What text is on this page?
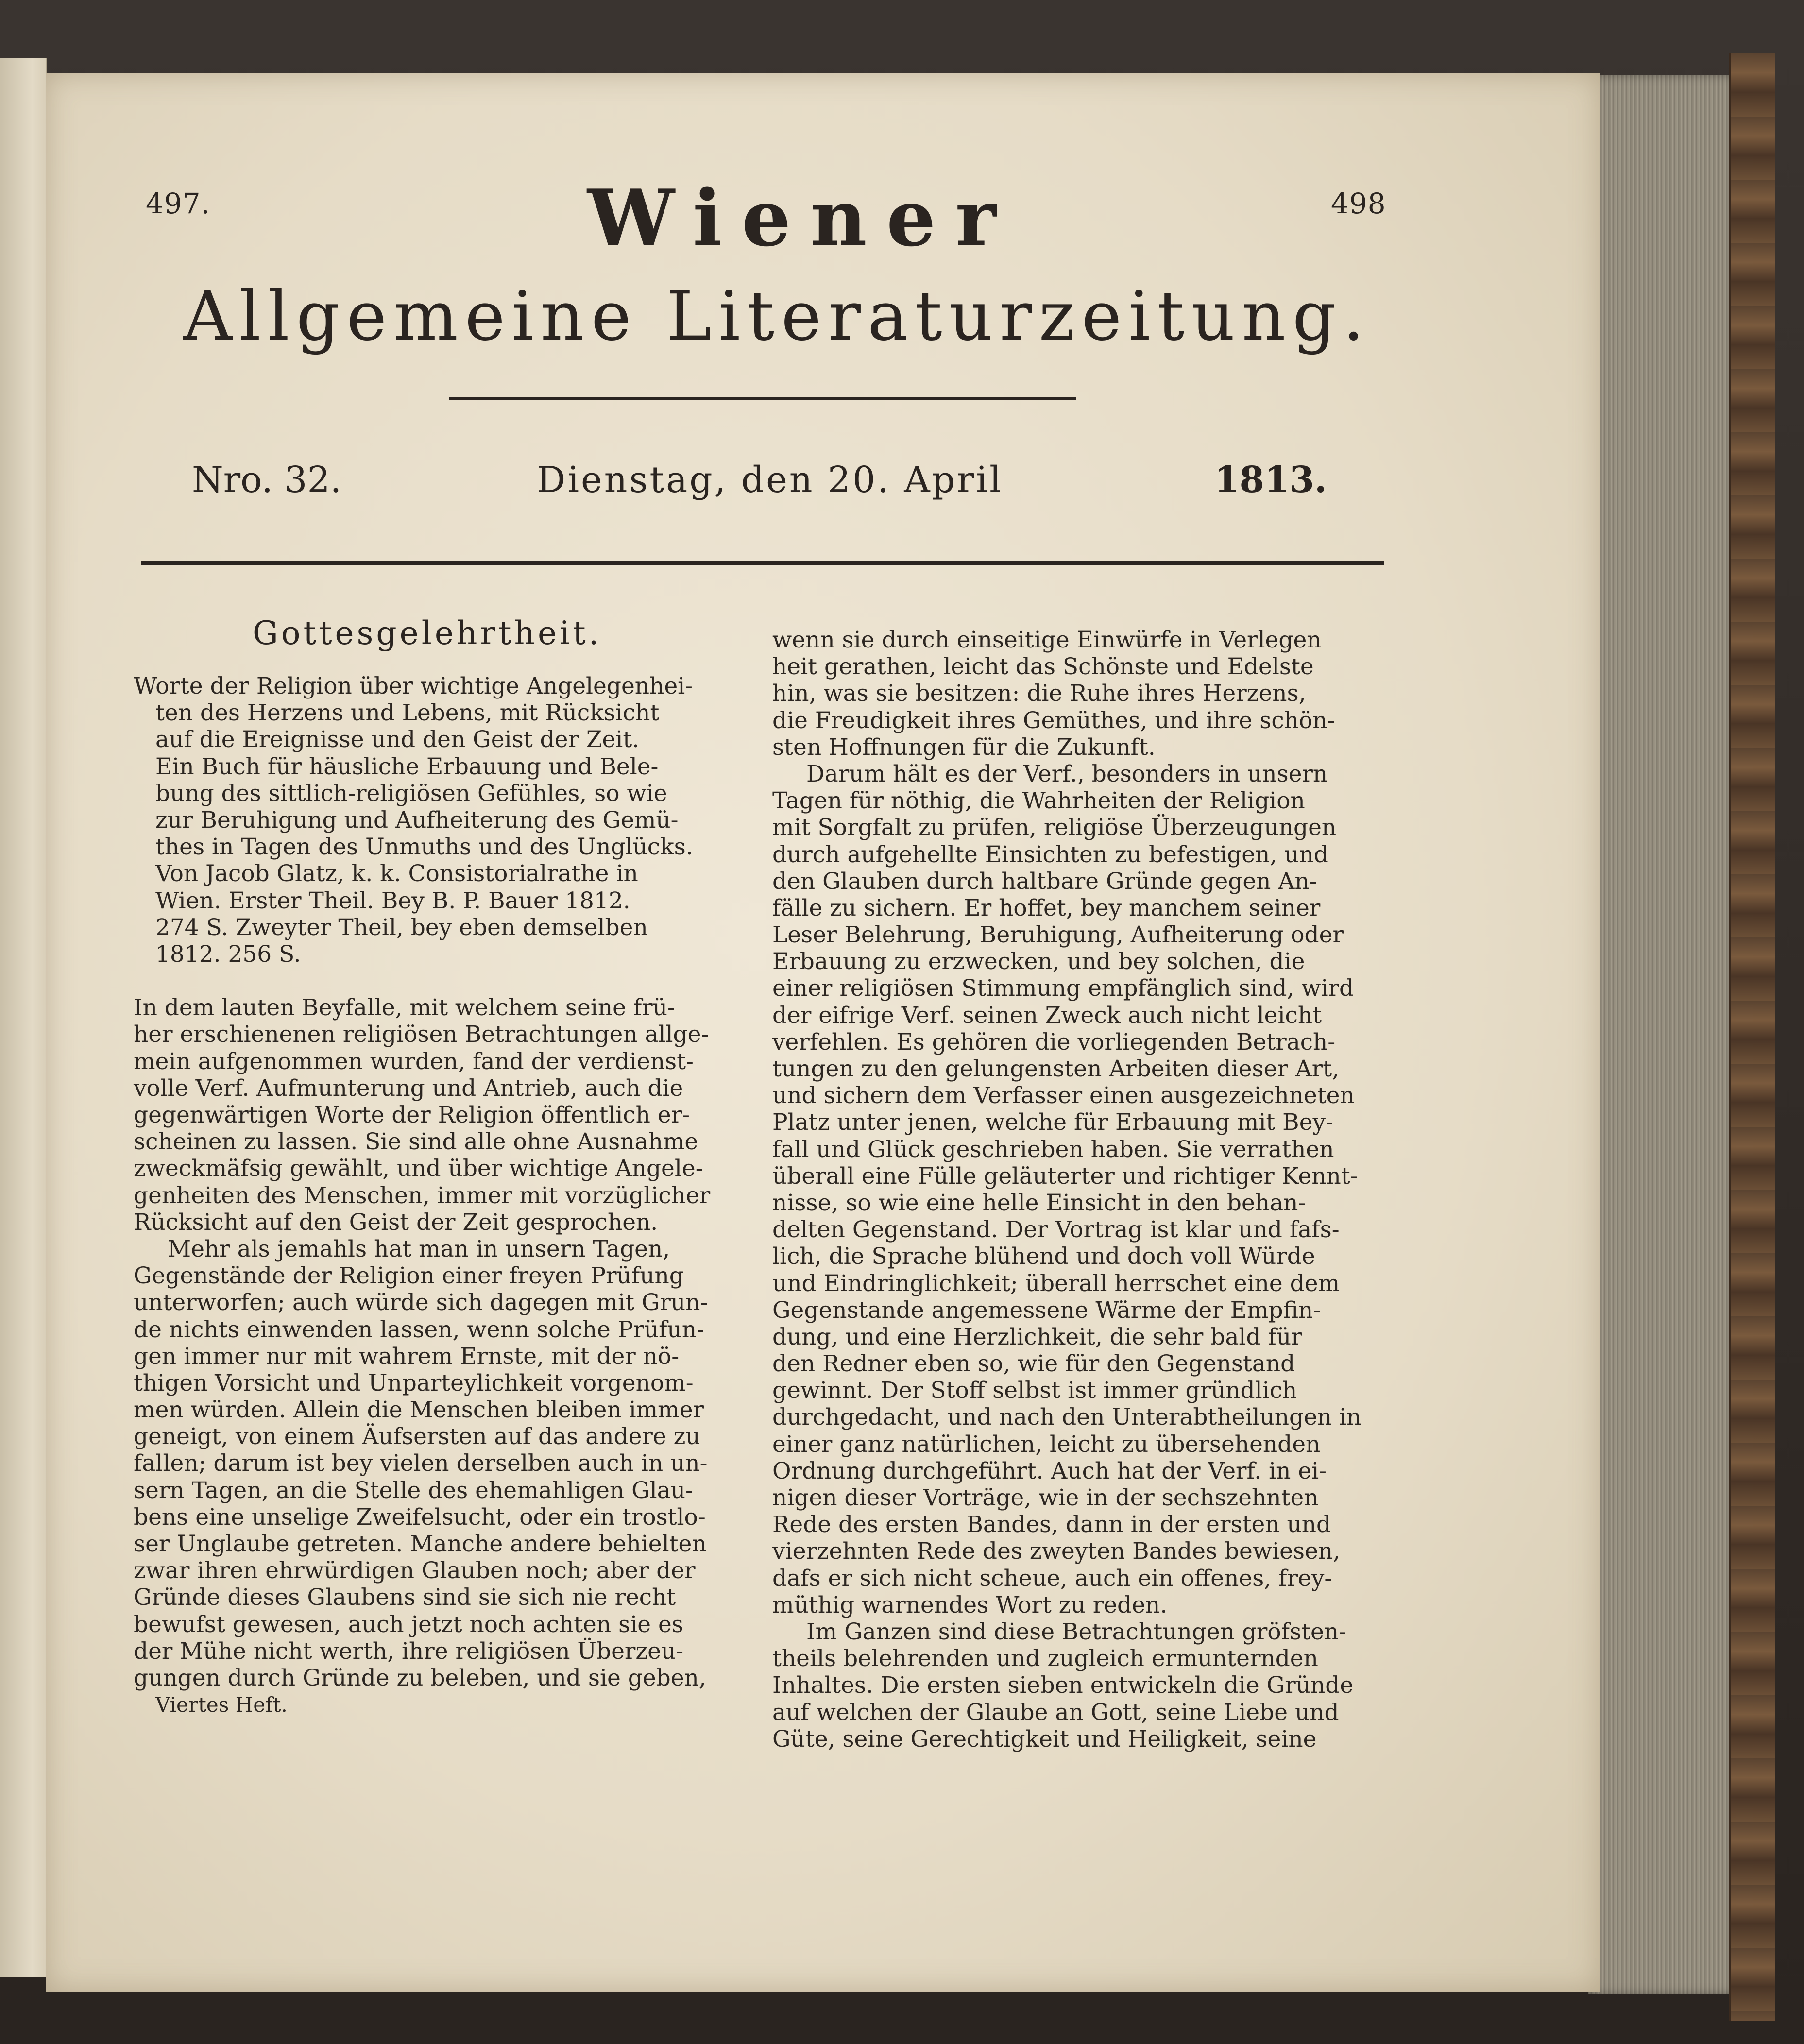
497.	498
Wiener
Allgemeine Literaturzeitung.
Nro. 32.	Dienstag, den 20. April	1813.
Gottesgelehrtheit.
Worte der Religion über wichtige Angelegenhei-
ten des Herzens und Lebens, mit Rücksicht
auf die Ereignisse und den Geist der Zeit.
Ein Buch für häusliche Erbauung und Bele-
bung des sittlich-religiösen Gefühles, so wie
zur Beruhigung und Aufheiterung des Gemü-
thes in Tagen des Unmuths und des Unglücks.
Von Jacob Glatz, k. k. Consistorialrathe in
Wien. Erster Theil. Bey B. P. Bauer 1812.
274 S. Zweyter Theil, bey eben demselben
1812. 256 S.
In dem lauten Beyfalle, mit welchem seine frü-
her erschienenen religiösen Betrachtungen allge-
mein aufgenommen wurden, fand der verdienst-
volle Verf. Aufmunterung und Antrieb, auch die
gegenwärtigen Worte der Religion öffentlich er-
scheinen zu lassen. Sie sind alle ohne Ausnahme
zweckmäfsig gewählt, und über wichtige Angele-
genheiten des Menschen, immer mit vorzüglicher
Rücksicht auf den Geist der Zeit gesprochen.
Mehr als jemahls hat man in unsern Tagen,
Gegenstände der Religion einer freyen Prüfung
unterworfen; auch würde sich dagegen mit Grun-
de nichts einwenden lassen, wenn solche Prüfun-
gen immer nur mit wahrem Ernste, mit der nö-
thigen Vorsicht und Unparteylichkeit vorgenom-
men würden. Allein die Menschen bleiben immer
geneigt, von einem Äufsersten auf das andere zu
fallen; darum ist bey vielen derselben auch in un-
sern Tagen, an die Stelle des ehemahligen Glau-
bens eine unselige Zweifelsucht, oder ein trostlo-
ser Unglaube getreten. Manche andere behielten
zwar ihren ehrwürdigen Glauben noch; aber der
Gründe dieses Glaubens sind sie sich nie recht
bewufst gewesen, auch jetzt noch achten sie es
der Mühe nicht werth, ihre religiösen Überzeu-
gungen durch Gründe zu beleben, und sie geben,
Viertes Heft.
wenn sie durch einseitige Einwürfe in Verlegen
heit gerathen, leicht das Schönste und Edelste
hin, was sie besitzen: die Ruhe ihres Herzens,
die Freudigkeit ihres Gemüthes, und ihre schön-
sten Hoffnungen für die Zukunft.
Darum hält es der Verf., besonders in unsern
Tagen für nöthig, die Wahrheiten der Religion
mit Sorgfalt zu prüfen, religiöse Überzeugungen
durch aufgehellte Einsichten zu befestigen, und
den Glauben durch haltbare Gründe gegen An-
fälle zu sichern. Er hoffet, bey manchem seiner
Leser Belehrung, Beruhigung, Aufheiterung oder
Erbauung zu erzwecken, und bey solchen, die
einer religiösen Stimmung empfänglich sind, wird
der eifrige Verf. seinen Zweck auch nicht leicht
verfehlen. Es gehören die vorliegenden Betrach-
tungen zu den gelungensten Arbeiten dieser Art,
und sichern dem Verfasser einen ausgezeichneten
Platz unter jenen, welche für Erbauung mit Bey-
fall und Glück geschrieben haben. Sie verrathen
überall eine Fülle geläuterter und richtiger Kennt-
nisse, so wie eine helle Einsicht in den behan-
delten Gegenstand. Der Vortrag ist klar und fafs-
lich, die Sprache blühend und doch voll Würde
und Eindringlichkeit; überall herrschet eine dem
Gegenstande angemessene Wärme der Empfin-
dung, und eine Herzlichkeit, die sehr bald für
den Redner eben so, wie für den Gegenstand
gewinnt. Der Stoff selbst ist immer gründlich
durchgedacht, und nach den Unterabtheilungen in
einer ganz natürlichen, leicht zu übersehenden
Ordnung durchgeführt. Auch hat der Verf. in ei-
nigen dieser Vorträge, wie in der sechszehnten
Rede des ersten Bandes, dann in der ersten und
vierzehnten Rede des zweyten Bandes bewiesen,
dafs er sich nicht scheue, auch ein offenes, frey-
müthig warnendes Wort zu reden.
Im Ganzen sind diese Betrachtungen gröfsten-
theils belehrenden und zugleich ermunternden
Inhaltes. Die ersten sieben entwickeln die Gründe
auf welchen der Glaube an Gott, seine Liebe und
Güte, seine Gerechtigkeit und Heiligkeit, seine
